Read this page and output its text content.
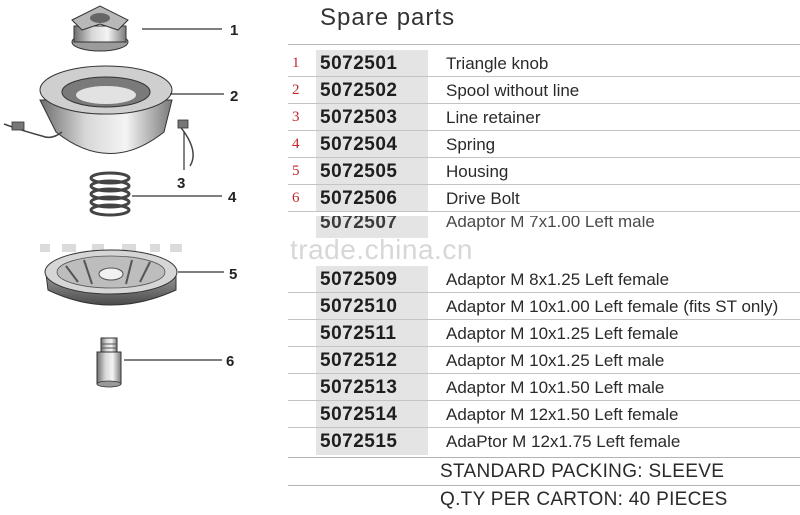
1
2
3
4
5
6
Spare parts
1 5072501	Triangle knob
2 5072502	Spool without line
3 5072503	Line retainer
4 5072504	Spring
5 5072505	Housing
6 5072506	Drive Bolt
5072507	Adaptor M 7x1.00 Left male
trade.china.cn
5072509	Adaptor M 8x1.25 Left female
5072510	Adaptor M 10x1.00 Left female (fits ST only)
5072511	Adaptor M 10x1.25 Left female
5072512	Adaptor M 10x1.25 Left male
5072513	Adaptor M 10x1.50 Left male
5072514	Adaptor M 12x1.50 Left female
5072515	AdaPtor M 12x1.75 Left female
STANDARD PACKING: SLEEVE
Q.TY PER CARTON: 40 PIECES
